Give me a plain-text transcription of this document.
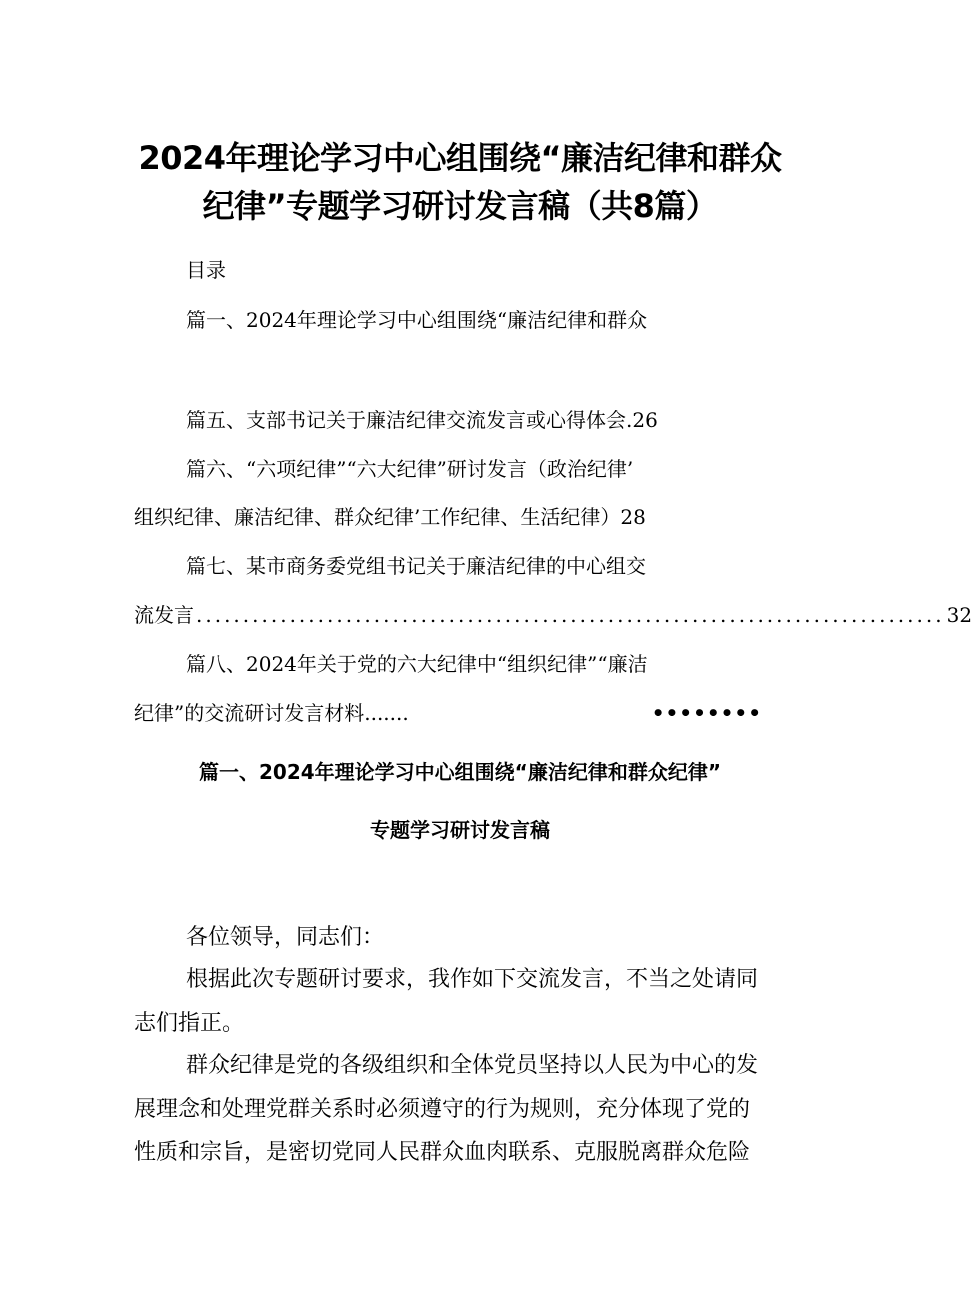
2024年理论学习中心组围绕“廉洁纪律和群众
纪律”专题学习研讨发言稿（共8篇）
目录
篇一、2024年理论学习中心组围绕“廉洁纪律和群众
篇五、支部书记关于廉洁纪律交流发言或心得体会.26
篇六、“六项纪律”“六大纪律”研讨发言（政治纪律’
组织纪律、廉洁纪律、群众纪律’工作纪律、生活纪律）28
篇七、某市商务委党组书记关于廉洁纪律的中心组交
流发言 ................................................................................ 32
篇八、2024年关于党的六大纪律中“组织纪律”“廉洁
纪律”的交流研讨发言材料.......	••••••••
篇一、2024年理论学习中心组围绕“廉洁纪律和群众纪律”
专题学习研讨发言稿
各位领导，同志们：
根据此次专题研讨要求，我作如下交流发言，不当之处请同
志们指正。
群众纪律是党的各级组织和全体党员坚持以人民为中心的发
展理念和处理党群关系时必须遵守的行为规则，充分体现了党的
性质和宗旨，是密切党同人民群众血肉联系、克服脱离群众危险
